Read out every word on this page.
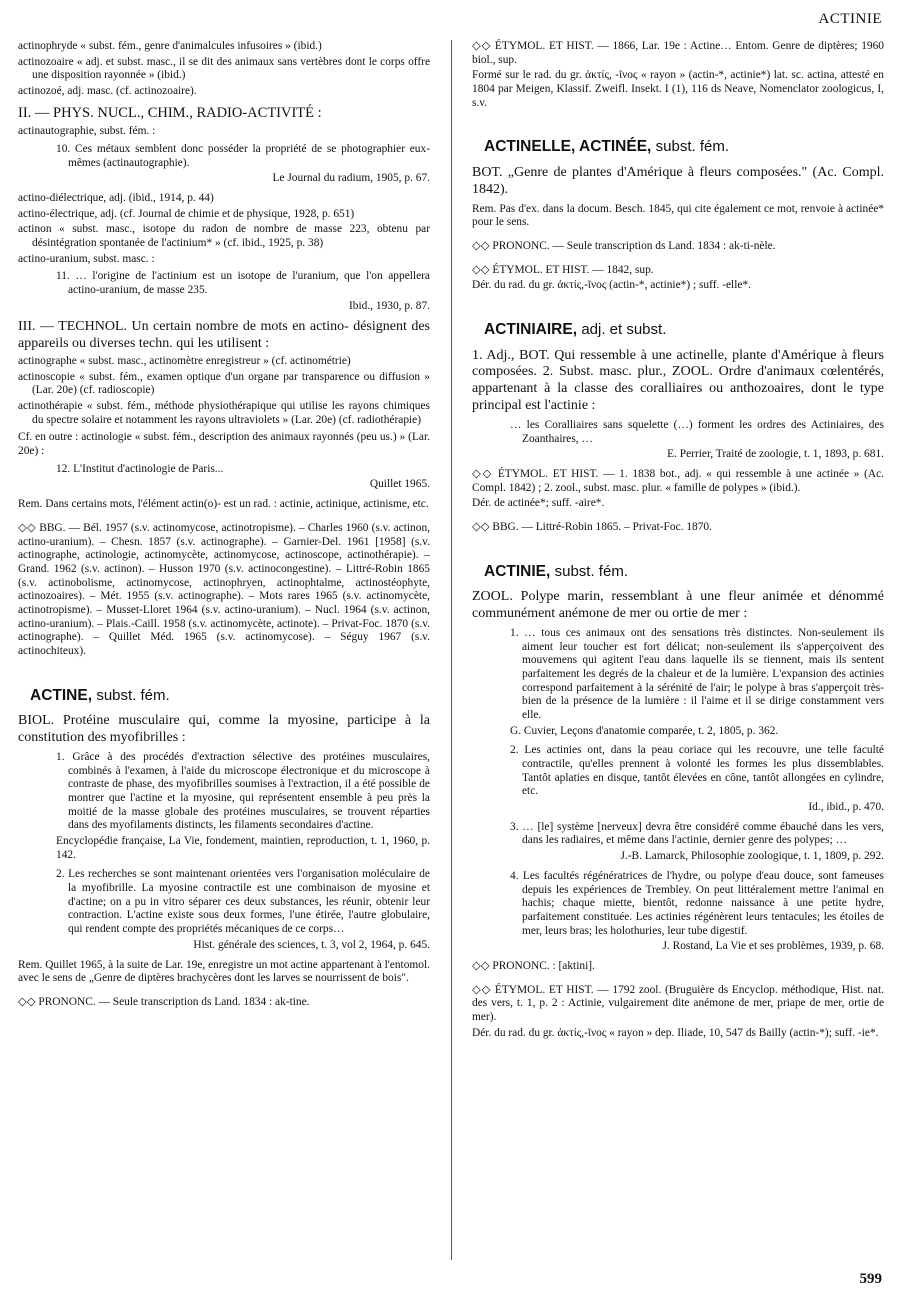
ACTINIE

actinophryde « subst. fém., genre d'animalcules infusoires » (ibid.)

actinozoaire « adj. et subst. masc., il se dit des animaux sans vertèbres dont le corps offre une disposition rayonnée » (ibid.)

actinozoé, adj. masc. (cf. actinozoaire).

II. — PHYS. NUCL., CHIM., RADIO-ACTIVITÉ :

actinautographie, subst. fém. :

10. Ces métaux semblent donc posséder la propriété de se photographier eux-mêmes (actinautographie).

Le Journal du radium, 1905, p. 67.

actino-diélectrique, adj. (ibid., 1914, p. 44)

actino-électrique, adj. (cf. Journal de chimie et de physique, 1928, p. 651)

actinon « subst. masc., isotope du radon de nombre de masse 223, obtenu par désintégration spontanée de l'actinium* » (cf. ibid., 1925, p. 38)

actino-uranium, subst. masc. :

11. … l'origine de l'actinium est un isotope de l'uranium, que l'on appellera actino-uranium, de masse 235.

Ibid., 1930, p. 87.

III. — TECHNOL. Un certain nombre de mots en actino- désignent des appareils ou diverses techn. qui les utilisent :

actinographe « subst. masc., actinomètre enregistreur » (cf. actinométrie)

actinoscopie « subst. fém., examen optique d'un organe par transparence ou diffusion » (Lar. 20e) (cf. radioscopie)

actinothérapie « subst. fém., méthode physiothérapique qui utilise les rayons chimiques du spectre solaire et notamment les rayons ultraviolets » (Lar. 20e) (cf. radiothérapie)

Cf. en outre : actinologie « subst. fém., description des animaux rayonnés (peu us.) » (Lar. 20e) :

12. L'Institut d'actinologie de Paris...

Quillet 1965.

Rem. Dans certains mots, l'élément actin(o)- est un rad. : actinie, actinique, actinisme, etc.

◇◇ BBG. — Bél. 1957 (s.v. actinomycose, actinotropisme). – Charles 1960 (s.v. actinon, actino-uranium). – Chesn. 1857 (s.v. actinographe). – Garnier-Del. 1961 [1958] (s.v. actinographe, actinologie, actinomycète, actinomycose, actinoscope, actinothérapie). – Grand. 1962 (s.v. actinon). – Husson 1970 (s.v. actinocongestine). – Littré-Robin 1865 (s.v. actinobolisme, actinomycose, actinophryen, actinophtalme, actinostéophyte, actinozoaires). – Mét. 1955 (s.v. actinographe). – Mots rares 1965 (s.v. actinomycète, actinotropisme). – Musset-Lloret 1964 (s.v. actino-uranium). – Nucl. 1964 (s.v. actinon, actino-uranium). – Plais.-Caill. 1958 (s.v. actinomycète, actinote). – Privat-Foc. 1870 (s.v. actinographe). – Quillet Méd. 1965 (s.v. actinomycose). – Séguy 1967 (s.v. actinochiteux).

ACTINE, subst. fém.

BIOL. Protéine musculaire qui, comme la myosine, participe à la constitution des myofibrilles :

1. Grâce à des procédés d'extraction sélective des protéines musculaires, combinés à l'examen, à l'aide du microscope électronique et du microscope à contraste de phase, des myofibrilles soumises à l'extraction, il a été possible de montrer que l'actine et la myosine, qui représentent ensemble à peu près la moitié de la masse globale des protéines musculaires, se trouvent réparties dans des myofilaments distincts, les filaments secondaires d'actine.

Encyclopédie française, La Vie, fondement, maintien, reproduction, t. 1, 1960, p. 142.

2. Les recherches se sont maintenant orientées vers l'organisation moléculaire de la myofibrille. La myosine contractile est une combinaison de myosine et d'actine; on a pu in vitro séparer ces deux substances, les réunir, obtenir leur contraction. L'actine existe sous deux formes, l'une étirée, l'autre globulaire, qui rendent compte des propriétés mécaniques de ce corps…

Hist. générale des sciences, t. 3, vol 2, 1964, p. 645.

Rem. Quillet 1965, à la suite de Lar. 19e, enregistre un mot actine appartenant à l'entomol. avec le sens de „Genre de diptères brachycères dont les larves se nourrissent de bois".

◇◇ PRONONC. — Seule transcription ds Land. 1834 : ak-tine.

◇◇ ÉTYMOL. ET HIST. — 1866, Lar. 19e : Actine… Entom. Genre de diptères; 1960 biol., sup.

Formé sur le rad. du gr. ἀκτίς, -ῖνος « rayon » (actin-*, actinie*) lat. sc. actina, attesté en 1804 par Meigen, Klassif. Zweifl. Insekt. I (1), 116 ds Neave, Nomenclator zoologicus, I, s.v.

ACTINELLE, ACTINÉE, subst. fém.

BOT. „Genre de plantes d'Amérique à fleurs composées." (Ac. Compl. 1842).

Rem. Pas d'ex. dans la docum. Besch. 1845, qui cite également ce mot, renvoie à actinée* pour le sens.

◇◇ PRONONC. — Seule transcription ds Land. 1834 : ak-ti-nèle.

◇◇ ÉTYMOL. ET HIST. — 1842, sup.

Dér. du rad. du gr. ἀκτίς,-ῖνος (actin-*, actinie*) ; suff. -elle*.

ACTINIAIRE, adj. et subst.

1. Adj., BOT. Qui ressemble à une actinelle, plante d'Amérique à fleurs composées. 2. Subst. masc. plur., ZOOL. Ordre d'animaux cœlentérés, appartenant à la classe des coralliaires ou anthozoaires, dont le type principal est l'actinie :

… les Coralliaires sans squelette (…) forment les ordres des Actiniaires, des Zoanthaires, …

E. Perrier, Traité de zoologie, t. 1, 1893, p. 681.

◇◇ ÉTYMOL. ET HIST. — 1. 1838 bot., adj. « qui ressemble à une actinée » (Ac. Compl. 1842) ; 2. zool., subst. masc. plur. « famille de polypes » (ibid.).

Dér. de actinée*; suff. -aire*.

◇◇ BBG. — Littré-Robin 1865. – Privat-Foc. 1870.

ACTINIE, subst. fém.

ZOOL. Polype marin, ressemblant à une fleur animée et dénommé communément anémone de mer ou ortie de mer :

1. … tous ces animaux ont des sensations très distinctes. Non-seulement ils aiment leur toucher est fort délicat; non-seulement ils s'apperçoivent des mouvemens qui agitent l'eau dans laquelle ils se tiennent, mais ils sentent parfaitement les degrés de la chaleur et de la lumière. L'expansion des actinies correspond parfaitement à la sérénité de l'air; le polype à bras s'apperçoit très-bien de la présence de la lumière : il l'aime et il se dirige constamment vers elle.

G. Cuvier, Leçons d'anatomie comparée, t. 2, 1805, p. 362.

2. Les actinies ont, dans la peau coriace qui les recouvre, une telle faculté contractile, qu'elles prennent à volonté les formes les plus dissemblables. Tantôt aplaties en disque, tantôt élevées en cône, tantôt allongées en cylindre, etc.

Id., ibid., p. 470.

3. … [le] système [nerveux] devra être considéré comme ébauché dans les vers, dans les radiaires, et même dans l'actinie, dernier genre des polypes; …

J.-B. Lamarck, Philosophie zoologique, t. 1, 1809, p. 292.

4. Les facultés régénératrices de l'hydre, ou polype d'eau douce, sont fameuses depuis les expériences de Trembley. On peut littéralement mettre l'animal en hachis; chaque miette, bientôt, redonne naissance à une petite hydre, parfaitement constituée. Les actinies régénèrent leurs tentacules; les étoiles de mer, leurs bras; les holothuries, leur tube digestif.

J. Rostand, La Vie et ses problèmes, 1939, p. 68.

◇◇ PRONONC. : [aktini].

◇◇ ÉTYMOL. ET HIST. — 1792 zool. (Bruguière ds Encyclop. méthodique, Hist. nat. des vers, t. 1, p. 2 : Actinie, vulgairement dite anémone de mer, priape de mer, ortie de mer).

Dér. du rad. du gr. ἀκτίς,-ῖνος « rayon » dep. Iliade, 10, 547 ds Bailly (actin-*); suff. -ie*.

599
